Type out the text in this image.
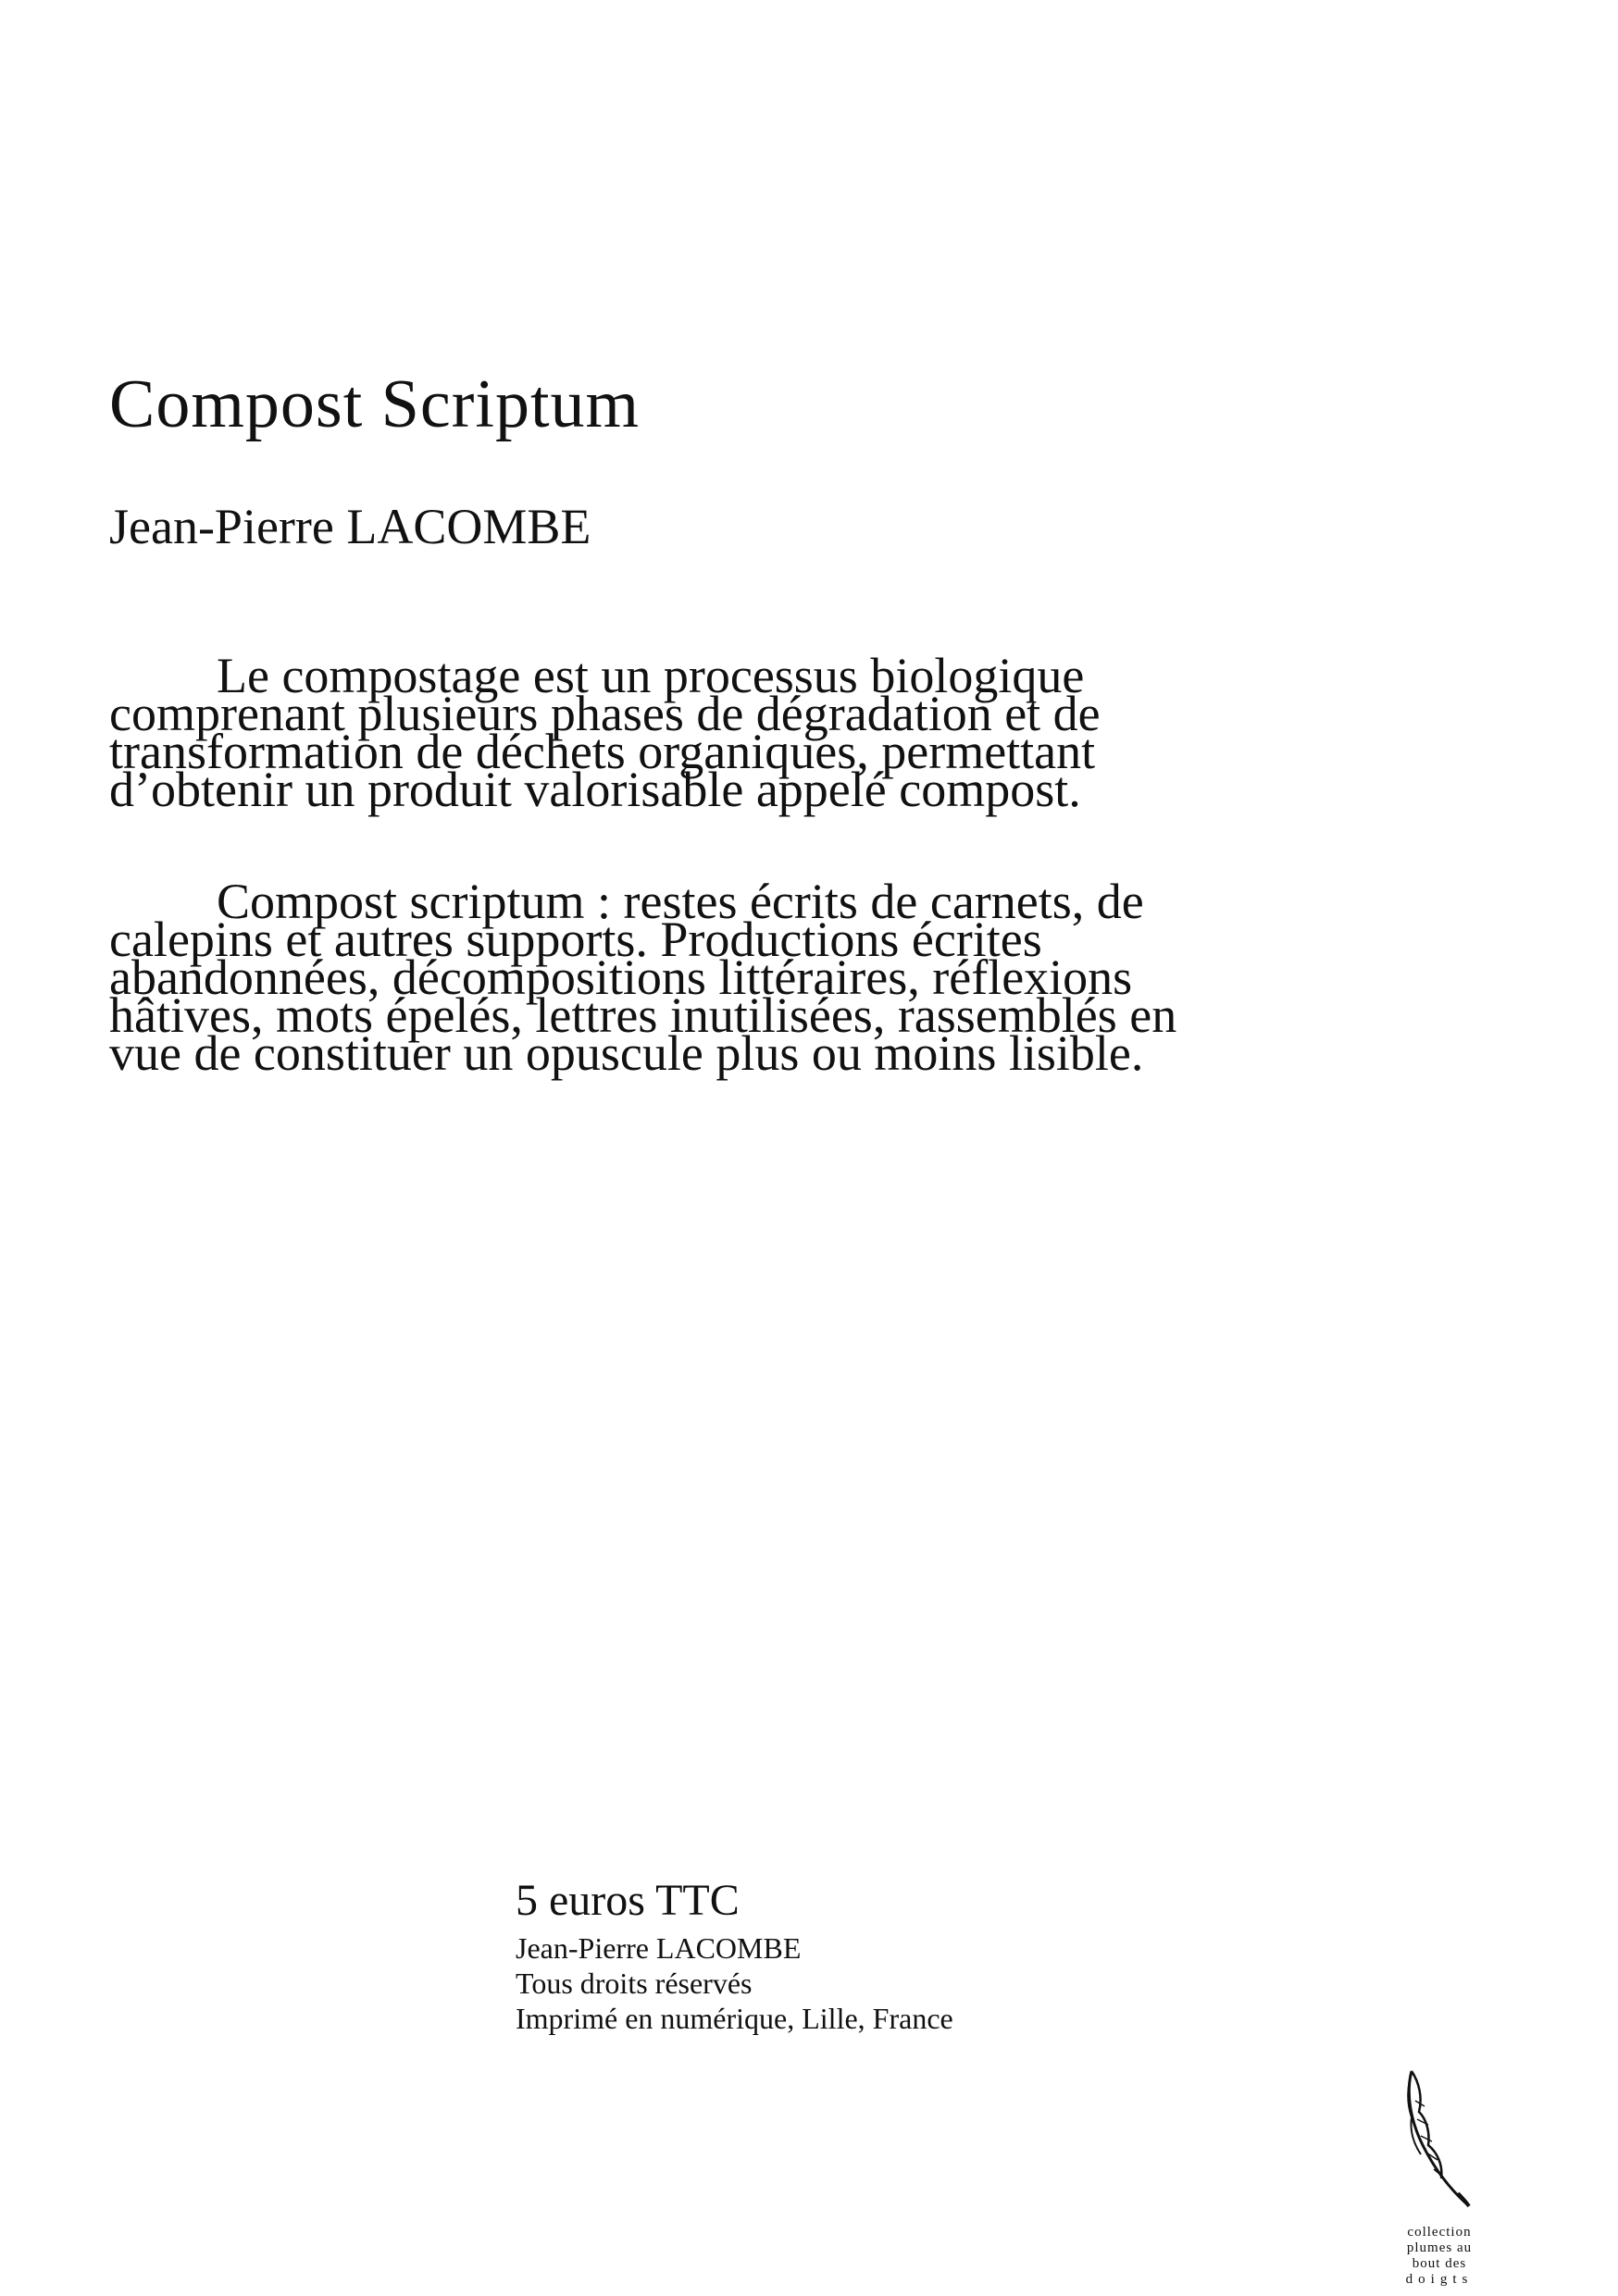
Compost Scriptum
Jean-Pierre LACOMBE

Le compostage est un processus biologique comprenant plusieurs phases de dégradation et de transformation de déchets organiques, permettant d’obtenir un produit valorisable appelé compost.

Compost scriptum : restes écrits de carnets, de calepins et autres supports. Productions écrites abandonnées, décompositions littéraires, réflexions hâtives, mots épelés, lettres inutilisées, rassemblés en vue de constituer un opuscule plus ou moins lisible.

5 euros TTC
Jean-Pierre LACOMBE
Tous droits réservés
Imprimé en numérique, Lille, France
collection
plumes au
bout des
doigts
